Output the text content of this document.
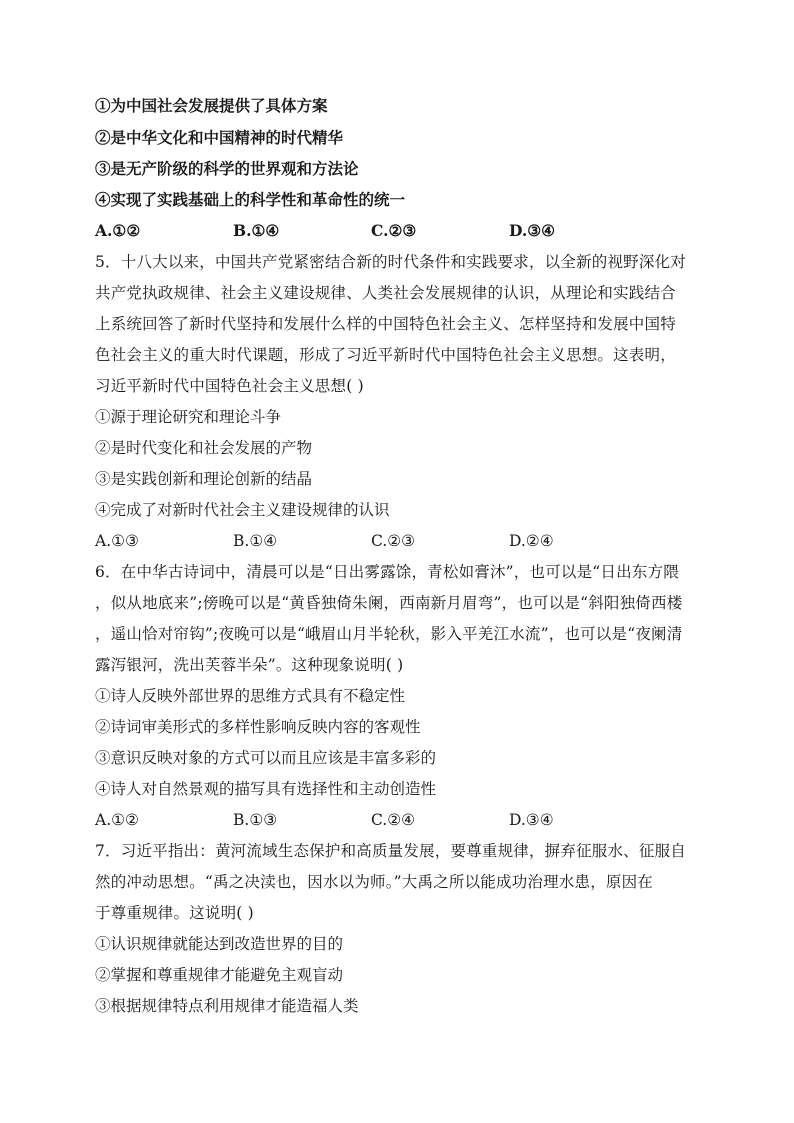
①为中国社会发展提供了具体方案
②是中华文化和中国精神的时代精华
③是无产阶级的科学的世界观和方法论
④实现了实践基础上的科学性和革命性的统一
A.①②	B.①④	C.②③	D.③④
5．十八大以来，中国共产党紧密结合新的时代条件和实践要求，以全新的视野深化对
共产党执政规律、社会主义建设规律、人类社会发展规律的认识，从理论和实践结合
上系统回答了新时代坚持和发展什么样的中国特色社会主义、怎样坚持和发展中国特
色社会主义的重大时代课题，形成了习近平新时代中国特色社会主义思想。这表明，
习近平新时代中国特色社会主义思想( )
①源于理论研究和理论斗争
②是时代变化和社会发展的产物
③是实践创新和理论创新的结晶
④完成了对新时代社会主义建设规律的认识
A.①③	B.①④	C.②③	D.②④
6．在中华古诗词中，清晨可以是“日出雾露馀，青松如膏沐”，也可以是“日出东方隈
，似从地底来”;傍晚可以是“黄昏独倚朱阑，西南新月眉弯”，也可以是“斜阳独倚西楼
，遥山恰对帘钩”;夜晚可以是“峨眉山月半轮秋，影入平羌江水流”，也可以是“夜阑清
露泻银河，洗出芙蓉半朵”。这种现象说明( )
①诗人反映外部世界的思维方式具有不稳定性
②诗词审美形式的多样性影响反映内容的客观性
③意识反映对象的方式可以而且应该是丰富多彩的
④诗人对自然景观的描写具有选择性和主动创造性
A.①②	B.①③	C.②④	D.③④
7．习近平指出：黄河流域生态保护和高质量发展，要尊重规律，摒弃征服水、征服自
然的冲动思想。“禹之决渎也，因水以为师。”大禹之所以能成功治理水患，原因在
于尊重规律。这说明( )
①认识规律就能达到改造世界的目的
②掌握和尊重规律才能避免主观盲动
③根据规律特点利用规律才能造福人类
